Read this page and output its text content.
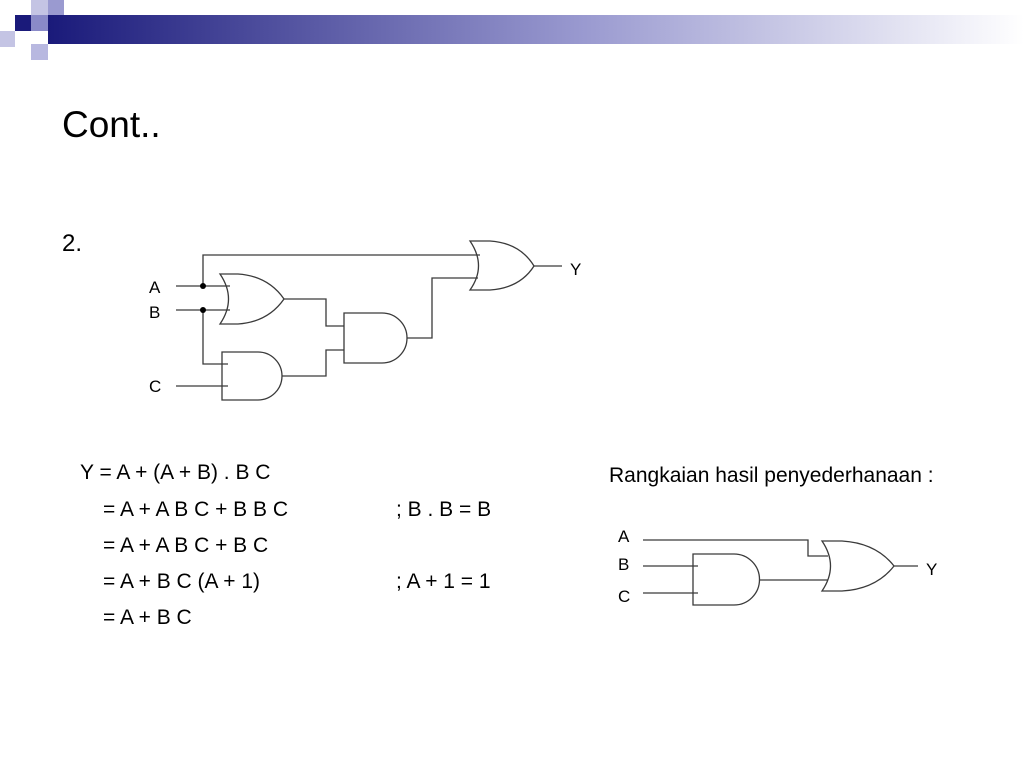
Cont..
2.
A
B
C
Y
Y = A + (A + B) . B C
= A + A B C + B B C
= A + A B C + B C
= A + B C (A + 1)
= A + B C
; B . B = B
; A + 1 = 1
Rangkaian hasil penyederhanaan :
A
B
C
Y
